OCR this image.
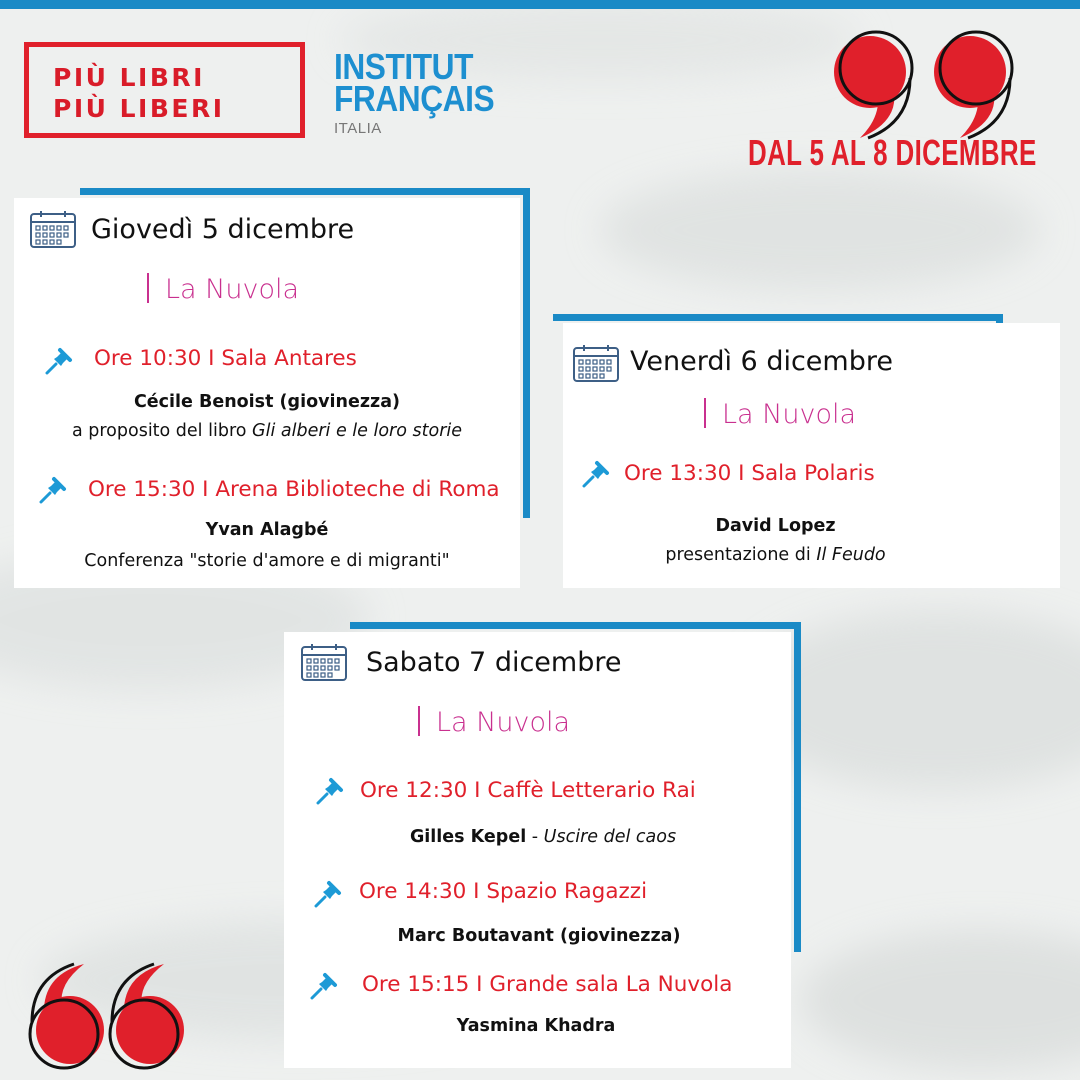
PIÙ LIBRI
PIÙ LIBERI
INSTITUT
FRANÇAIS
ITALIA
DAL 5 AL 8 DICEMBRE
Giovedì 5 dicembre
La Nuvola
Ore 10:30 I Sala Antares
Cécile Benoist (giovinezza)
a proposito del libro Gli alberi e le loro storie
Ore 15:30 I Arena Biblioteche di Roma
Yvan Alagbé
Conferenza "storie d'amore e di migranti"
Venerdì 6 dicembre
La Nuvola
Ore 13:30 I Sala Polaris
David Lopez
presentazione di Il Feudo
Sabato 7 dicembre
La Nuvola
Ore 12:30 I Caffè Letterario Rai
Gilles Kepel - Uscire del caos
Ore 14:30 I Spazio Ragazzi
Marc Boutavant (giovinezza)
Ore 15:15 I Grande sala La Nuvola
Yasmina Khadra
